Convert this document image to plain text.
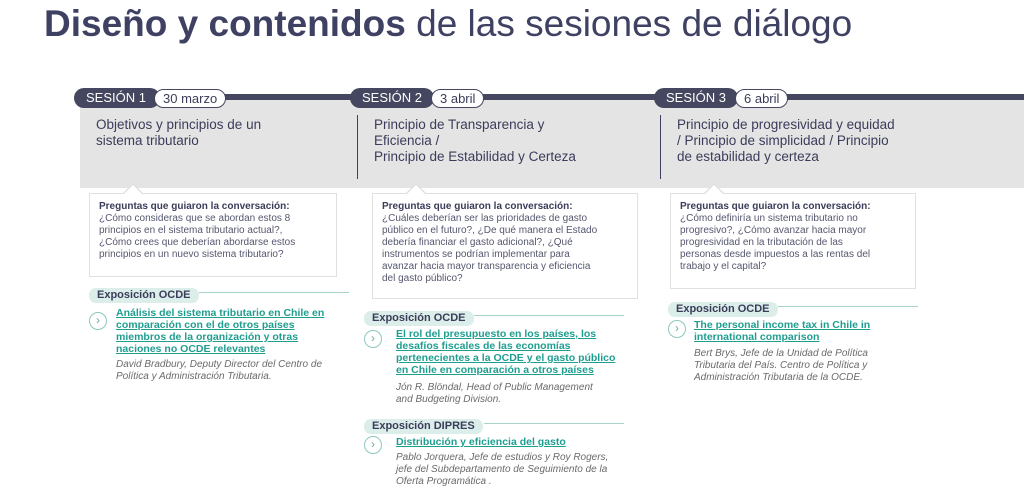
Diseño y contenidos de las sesiones de diálogo
SESIÓN 1	30 marzo	SESIÓN 2	3 abril	SESIÓN 3	6 abril
Objetivos y principios de un
sistema tributario
Principio de Transparencia y
Eficiencia /
Principio de Estabilidad y Certeza
Principio de progresividad y equidad
/ Principio de simplicidad / Principio
de estabilidad y certeza
Preguntas que guiaron la conversación:
¿Cómo consideras que se abordan estos 8
principios en el sistema tributario actual?,
¿Cómo crees que deberían abordarse estos
principios en un nuevo sistema tributario?
Preguntas que guiaron la conversación:
¿Cuáles deberían ser las prioridades de gasto
público en el futuro?, ¿De qué manera el Estado
debería financiar el gasto adicional?, ¿Qué
instrumentos se podrían implementar para
avanzar hacia mayor transparencia y eficiencia
del gasto público?
Preguntas que guiaron la conversación:
¿Cómo definiría un sistema tributario no
progresivo?, ¿Cómo avanzar hacia mayor
progresividad en la tributación de las
personas desde impuestos a las rentas del
trabajo y el capital?
Exposición OCDE
›	Análisis del sistema tributario en Chile en
comparación con el de otros países
miembros de la organización y otras
naciones no OCDE relevantes
David Bradbury, Deputy Director del Centro de
Política y Administración Tributaria.
Exposición OCDE
›	El rol del presupuesto en los países, los
desafíos fiscales de las economías
pertenecientes a la OCDE y el gasto público
en Chile en comparación a otros países
Jón R. Blöndal, Head of Public Management
and Budgeting Division.
Exposición DIPRES
›	Distribución y eficiencia del gasto
Pablo Jorquera, Jefe de estudios y Roy Rogers,
jefe del Subdepartamento de Seguimiento de la
Oferta Programática .
Exposición OCDE
›	The personal income tax in Chile in
international comparison
Bert Brys, Jefe de la Unidad de Política
Tributaria del País. Centro de Política y
Administración Tributaria de la OCDE.
